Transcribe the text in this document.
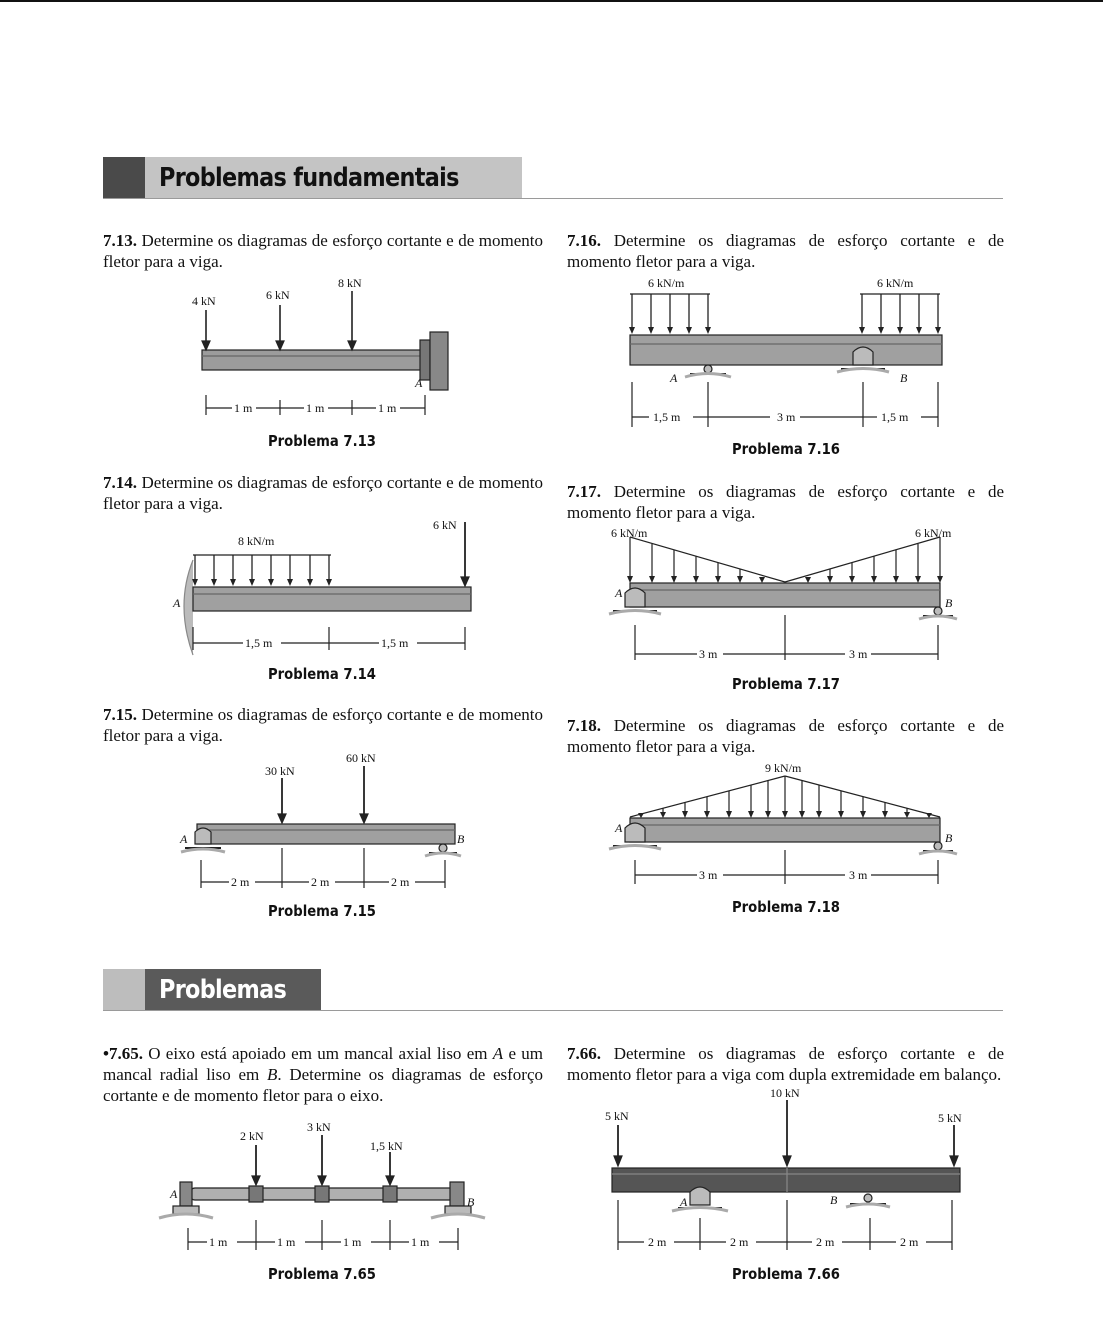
Problemas fundamentais
7.13. Determine os diagramas de esforço cortante e de momento fletor para a viga.
4 kN	6 kN
8 kN
A
1 m	1 m	1 m
Problema 7.13
7.14. Determine os diagramas de esforço cortante e de momento fletor para a viga.
8 kN/m
6 kN
A
1,5 m	1,5 m
Problema 7.14
7.15. Determine os diagramas de esforço cortante e de momento fletor para a viga.
30 kN
60 kN
A	B
2 m	2 m	2 m
Problema 7.15
7.16. Determine os diagramas de esforço cortante e de momento fletor para a viga.
6 kN/m	6 kN/m
A	B
1,5 m	3 m	1,5 m
Problema 7.16
7.17. Determine os diagramas de esforço cortante e de momento fletor para a viga.
6 kN/m	6 kN/m
A
B
3 m	3 m
Problema 7.17
7.18. Determine os diagramas de esforço cortante e de momento fletor para a viga.
9 kN/m
A
B
3 m	3 m
Problema 7.18
Problemas
•7.65. O eixo está apoiado em um mancal axial liso em A e um mancal radial liso em B. Determine os diagramas de esforço cortante e de momento fletor para o eixo.
2 kN
3 kN
1,5 kN
A
B
1 m	1 m	1 m	1 m
Problema 7.65
7.66. Determine os diagramas de esforço cortante e de momento fletor para a viga com dupla extremidade em balanço.
5 kN
10 kN
5 kN
A	B
2 m	2 m	2 m	2 m
Problema 7.66
